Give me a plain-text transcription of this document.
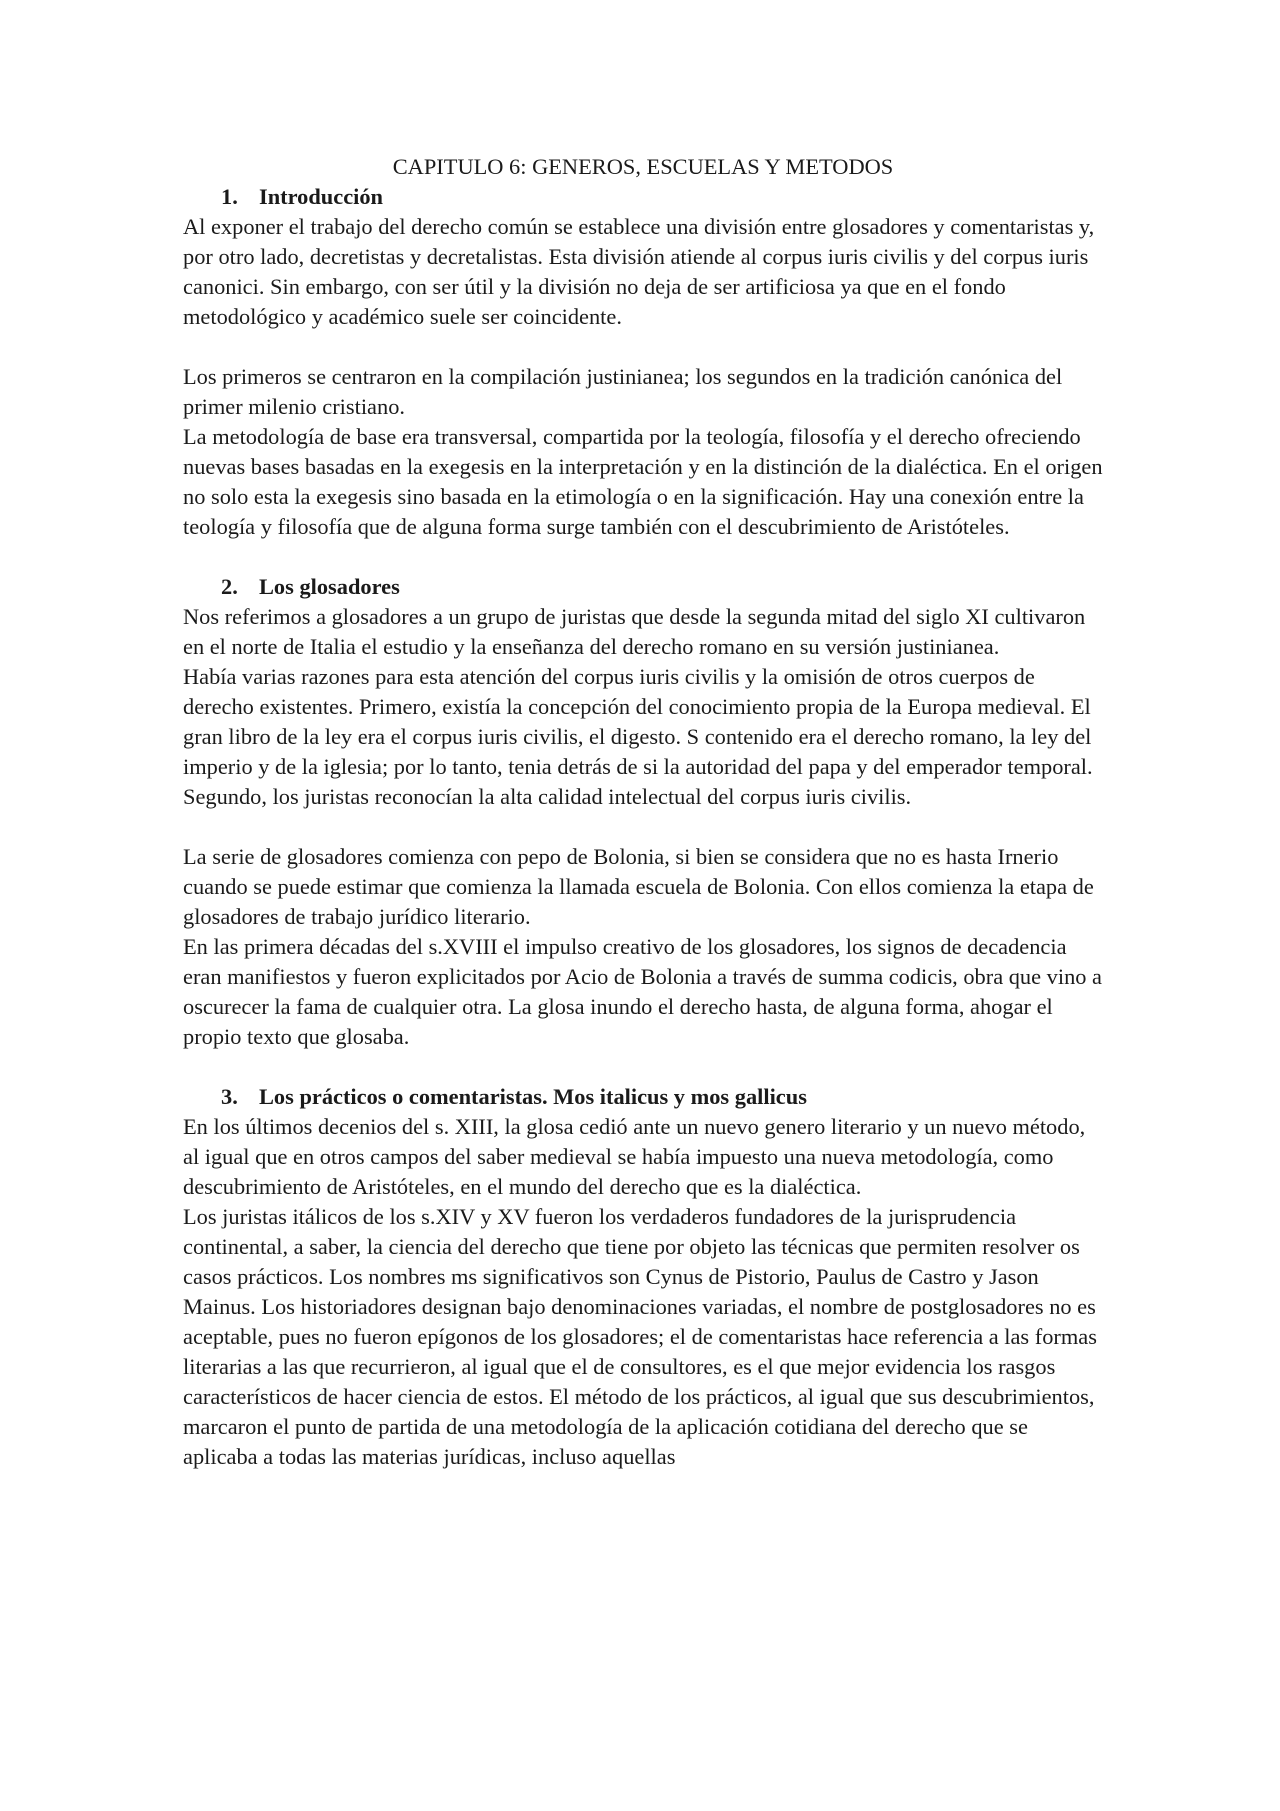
CAPITULO 6: GENEROS, ESCUELAS Y METODOS
1. Introducción

Al exponer el trabajo del derecho común se establece una división entre glosadores y comentaristas y, por otro lado, decretistas y decretalistas. Esta división atiende al corpus iuris civilis y del corpus iuris canonici. Sin embargo, con ser útil y la división no deja de ser artificiosa ya que en el fondo metodológico y académico suele ser coincidente.

Los primeros se centraron en la compilación justinianea; los segundos en la tradición canónica del primer milenio cristiano.

La metodología de base era transversal, compartida por la teología, filosofía y el derecho ofreciendo nuevas bases basadas en la exegesis en la interpretación y en la distinción de la dialéctica. En el origen no solo esta la exegesis sino basada en la etimología o en la significación. Hay una conexión entre la teología y filosofía que de alguna forma surge también con el descubrimiento de Aristóteles.

2. Los glosadores

Nos referimos a glosadores a un grupo de juristas que desde la segunda mitad del siglo XI cultivaron en el norte de Italia el estudio y la enseñanza del derecho romano en su versión justinianea.

Había varias razones para esta atención del corpus iuris civilis y la omisión de otros cuerpos de derecho existentes. Primero, existía la concepción del conocimiento propia de la Europa medieval. El gran libro de la ley era el corpus iuris civilis, el digesto. S contenido era el derecho romano, la ley del imperio y de la iglesia; por lo tanto, tenia detrás de si la autoridad del papa y del emperador temporal.

Segundo, los juristas reconocían la alta calidad intelectual del corpus iuris civilis.

La serie de glosadores comienza con pepo de Bolonia, si bien se considera que no es hasta Irnerio cuando se puede estimar que comienza la llamada escuela de Bolonia. Con ellos comienza la etapa de glosadores de trabajo jurídico literario.

En las primera décadas del s.XVIII el impulso creativo de los glosadores, los signos de decadencia eran manifiestos y fueron explicitados por Acio de Bolonia a través de summa codicis, obra que vino a oscurecer la fama de cualquier otra. La glosa inundo el derecho hasta, de alguna forma, ahogar el propio texto que glosaba.

3. Los prácticos o comentaristas. Mos italicus y mos gallicus

En los últimos decenios del s. XIII, la glosa cedió ante un nuevo genero literario y un nuevo método, al igual que en otros campos del saber medieval se había impuesto una nueva metodología, como descubrimiento de Aristóteles, en el mundo del derecho que es la dialéctica.

Los juristas itálicos de los s.XIV y XV fueron los verdaderos fundadores de la jurisprudencia continental, a saber, la ciencia del derecho que tiene por objeto las técnicas que permiten resolver os casos prácticos. Los nombres ms significativos son Cynus de Pistorio, Paulus de Castro y Jason Mainus. Los historiadores designan bajo denominaciones variadas, el nombre de postglosadores no es aceptable, pues no fueron epígonos de los glosadores; el de comentaristas hace referencia a las formas literarias a las que recurrieron, al igual que el de consultores, es el que mejor evidencia los rasgos característicos de hacer ciencia de estos. El método de los prácticos, al igual que sus descubrimientos, marcaron el punto de partida de una metodología de la aplicación cotidiana del derecho que se aplicaba a todas las materias jurídicas, incluso aquellas
